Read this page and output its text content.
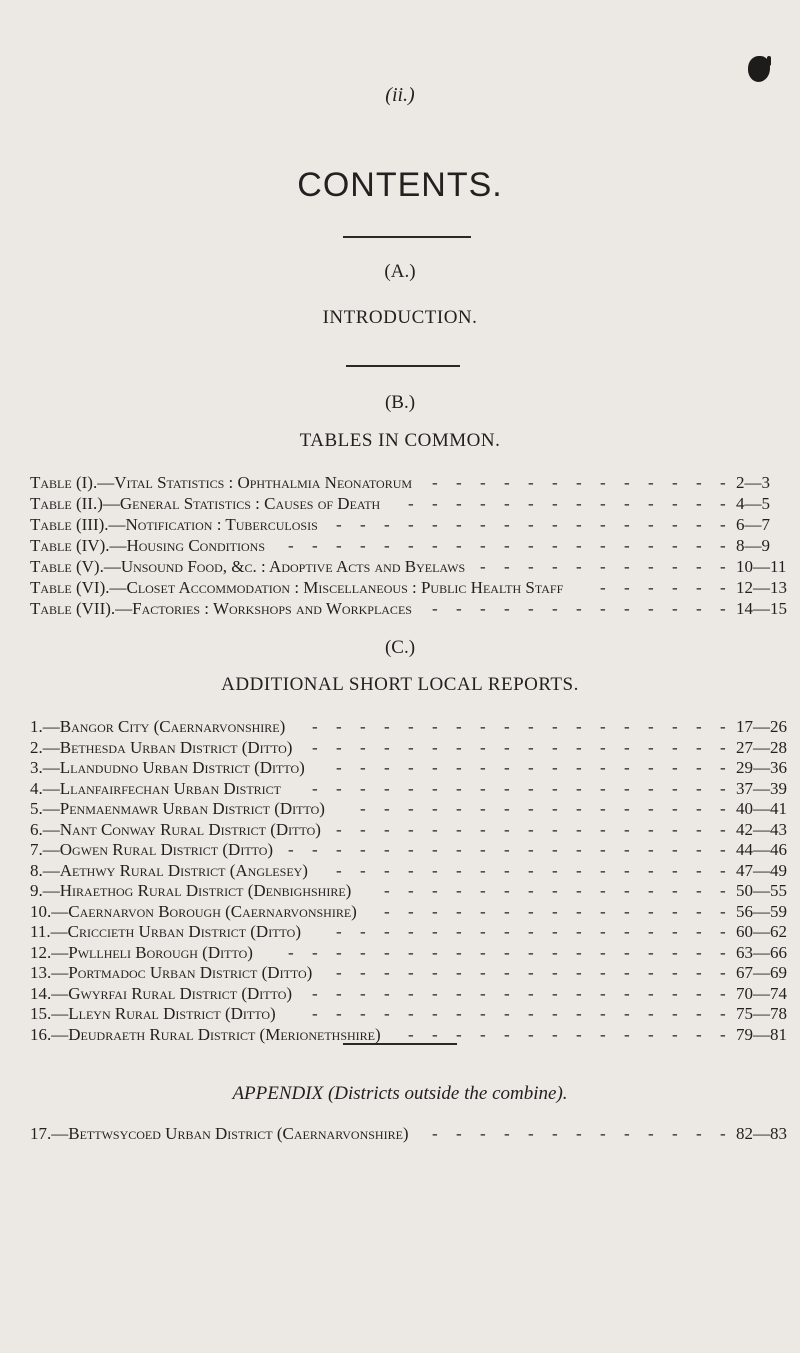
(ii.)
CONTENTS.
(A.)
INTRODUCTION.
(B.)
TABLES IN COMMON.
Table (I).—Vital Statistics : Ophthalmia Neonatorum	- 2—3
-
-
-
-
-
-
-
-
-
-
-
-
Table (II.)—General Statistics : Causes of Death	- 4—5
-
-
-
-
-
-
-
-
-
-
-
-
-
Table (III).—Notification : Tuberculosis	- 6—7
-
-
-
-
-
-
-
-
-
-
-
-
-
-
-
-
Table (IV).—Housing Conditions	- 8—9
-
-
-
-
-
-
-
-
-
-
-
-
-
-
-
-
-
-
Table (V).—Unsound Food, &c. : Adoptive Acts and Byelaws	- 10—11
-
-
-
-
-
-
-
-
-
-
Table (VI).—Closet Accommodation : Miscellaneous : Public Health Staff	- 12—13
-
-
-
-
-
Table (VII).—Factories : Workshops and Workplaces	- 14—15
-
-
-
-
-
-
-
-
-
-
-
-
(C.)
ADDITIONAL SHORT LOCAL REPORTS.
1.—Bangor City (Caernarvonshire)	- 17—26
-
-
-
-
-
-
-
-
-
-
-
-
-
-
-
-
-
2.—Bethesda Urban District (Ditto)	- 27—28
-
-
-
-
-
-
-
-
-
-
-
-
-
-
-
-
-
3.—Llandudno Urban District (Ditto)	- 29—36
-
-
-
-
-
-
-
-
-
-
-
-
-
-
-
-
4.—Llanfairfechan Urban District	- 37—39
-
-
-
-
-
-
-
-
-
-
-
-
-
-
-
-
-
5.—Penmaenmawr Urban District (Ditto)	- 40—41
-
-
-
-
-
-
-
-
-
-
-
-
-
-
-
6.—Nant Conway Rural District (Ditto)	- 42—43
-
-
-
-
-
-
-
-
-
-
-
-
-
-
-
-
7.—Ogwen Rural District (Ditto)	- 44—46
-
-
-
-
-
-
-
-
-
-
-
-
-
-
-
-
-
-
8.—Aethwy Rural District (Anglesey)	- 47—49
-
-
-
-
-
-
-
-
-
-
-
-
-
-
-
-
9.—Hiraethog Rural District (Denbighshire)	- 50—55
-
-
-
-
-
-
-
-
-
-
-
-
-
-
10.—Caernarvon Borough (Caernarvonshire)	- 56—59
-
-
-
-
-
-
-
-
-
-
-
-
-
-
11.—Criccieth Urban District (Ditto)	- 60—62
-
-
-
-
-
-
-
-
-
-
-
-
-
-
-
-
12.—Pwllheli Borough (Ditto)	- 63—66
-
-
-
-
-
-
-
-
-
-
-
-
-
-
-
-
-
-
13.—Portmadoc Urban District (Ditto)	- 67—69
-
-
-
-
-
-
-
-
-
-
-
-
-
-
-
-
14.—Gwyrfai Rural District (Ditto)	- 70—74
-
-
-
-
-
-
-
-
-
-
-
-
-
-
-
-
-
15.—Lleyn Rural District (Ditto)	- 75—78
-
-
-
-
-
-
-
-
-
-
-
-
-
-
-
-
-
16.—Deudraeth Rural District (Merionethshire)	- 79—81
-
-
-
-
-
-
-
-
-
-
-
-
-
APPENDIX (Districts outside the combine).
17.—Bettwsycoed Urban District (Caernarvonshire)	- 82—83
-
-
-
-
-
-
-
-
-
-
-
-
